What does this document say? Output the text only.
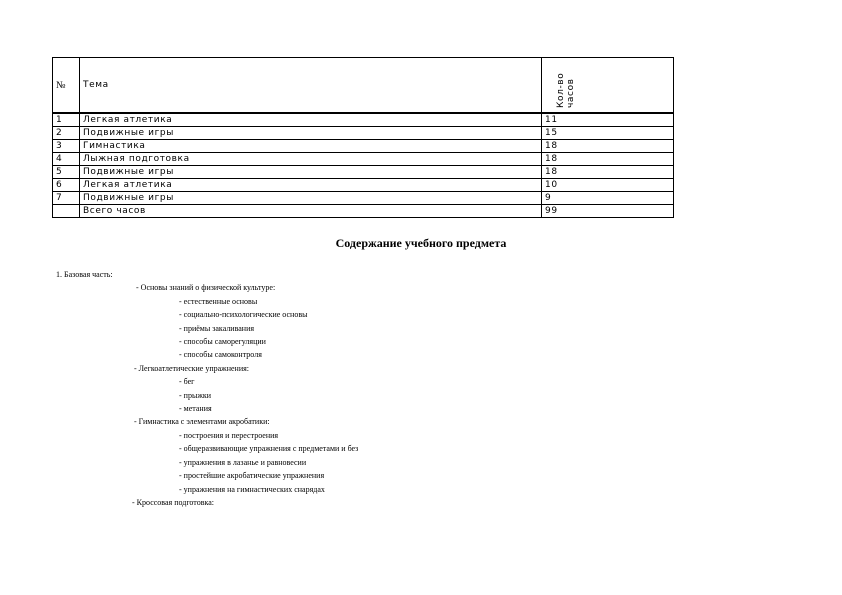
№	Тема	Кол-во часов

1	Легкая атлетика	11
2	Подвижные игры	15
3	Гимнастика	18
4	Лыжная подготовка	18
5	Подвижные игры	18
6	Легкая атлетика	10
7	Подвижные игры	9
	Всего часов	99
Содержание учебного предмета
1. Базовая часть:
- Основы знаний о физической культуре:
- естественные основы
- социально-психологические основы
- приёмы закаливания
- способы саморегуляции
- способы самоконтроля
- Легкоатлетические упражнения:
- бег
- прыжки
- метания
- Гимнастика с элементами акробатики:
- построения и перестроения
- общеразвивающие упражнения с предметами и без
- упражнения в лазанье и равновесии
- простейшие акробатические упражнения
- упражнения на гимнастических снарядах
- Кроссовая подготовка:
